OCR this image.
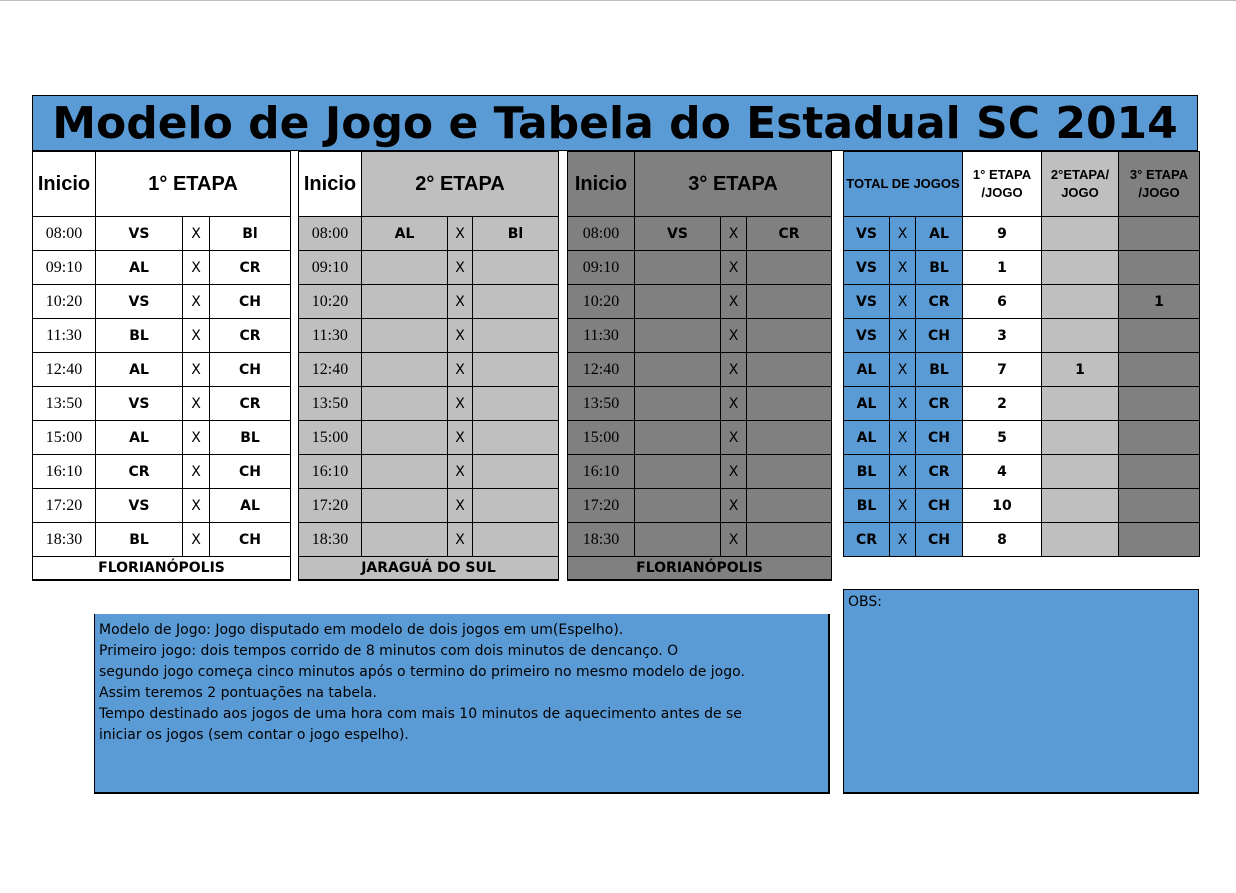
Modelo de Jogo e Tabela do Estadual SC 2014
Inicio	1° ETAPA		
08:00	VS	X	Bl
09:10	AL	X	CR
10:20	VS	X	CH
11:30	BL	X	CR
12:40	AL	X	CH
13:50	VS	X	CR
15:00	AL	X	BL
16:10	CR	X	CH
17:20	VS	X	AL
18:30	BL	X	CH
FLORIANÓPOLIS			
Inicio	2° ETAPA		
08:00	AL	X	Bl
09:10		X	
10:20		X	
11:30		X	
12:40		X	
13:50		X	
15:00		X	
16:10		X	
17:20		X	
18:30		X	
JARAGUÁ DO SUL			
Inicio	3° ETAPA		
08:00	VS	X	CR
09:10		X	
10:20		X	
11:30		X	
12:40		X	
13:50		X	
15:00		X	
16:10		X	
17:20		X	
18:30		X	
FLORIANÓPOLIS			
TOTAL DE JOGOS			1° ETAPA /JOGO	2°ETAPA/ JOGO	3° ETAPA /JOGO
VS	X	AL	9		
VS	X	BL	1		
VS	X	CR	6		1
VS	X	CH	3		
AL	X	BL	7	1	
AL	X	CR	2		
AL	X	CH	5		
BL	X	CR	4		
BL	X	CH	10		
CR	X	CH	8		
Modelo de Jogo: Jogo disputado em modelo de dois jogos em um(Espelho).
Primeiro jogo: dois tempos corrido de 8 minutos com dois minutos de dencanço. O
segundo jogo começa cinco minutos após o termino do primeiro no mesmo modelo de jogo.
Assim teremos 2 pontuações na tabela.
Tempo destinado aos jogos de uma hora com mais 10 minutos de aquecimento antes de se
iniciar os jogos (sem contar o jogo espelho).
OBS:
